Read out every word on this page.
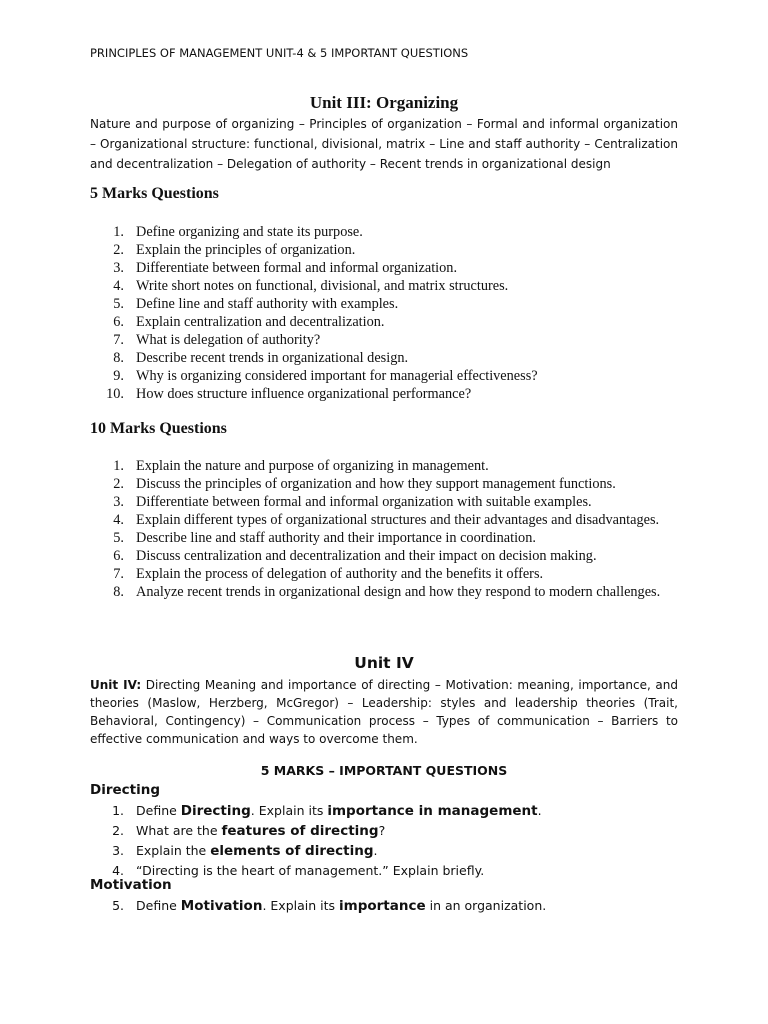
PRINCIPLES OF MANAGEMENT UNIT-4 & 5 IMPORTANT QUESTIONS
Unit III: Organizing
Nature and purpose of organizing – Principles of organization – Formal and informal organization – Organizational structure: functional, divisional, matrix – Line and staff authority – Centralization and decentralization – Delegation of authority – Recent trends in organizational design
5 Marks Questions
1. Define organizing and state its purpose.
2. Explain the principles of organization.
3. Differentiate between formal and informal organization.
4. Write short notes on functional, divisional, and matrix structures.
5. Define line and staff authority with examples.
6. Explain centralization and decentralization.
7. What is delegation of authority?
8. Describe recent trends in organizational design.
9. Why is organizing considered important for managerial effectiveness?
10. How does structure influence organizational performance?
10 Marks Questions
1. Explain the nature and purpose of organizing in management.
2. Discuss the principles of organization and how they support management functions.
3. Differentiate between formal and informal organization with suitable examples.
4. Explain different types of organizational structures and their advantages and disadvantages.
5. Describe line and staff authority and their importance in coordination.
6. Discuss centralization and decentralization and their impact on decision making.
7. Explain the process of delegation of authority and the benefits it offers.
8. Analyze recent trends in organizational design and how they respond to modern challenges.
Unit IV
Unit IV: Directing Meaning and importance of directing – Motivation: meaning, importance, and theories (Maslow, Herzberg, McGregor) – Leadership: styles and leadership theories (Trait, Behavioral, Contingency) – Communication process – Types of communication – Barriers to effective communication and ways to overcome them.
5 MARKS – IMPORTANT QUESTIONS
Directing
1. Define Directing. Explain its importance in management.
2. What are the features of directing?
3. Explain the elements of directing.
4. “Directing is the heart of management.” Explain briefly.
Motivation
5. Define Motivation. Explain its importance in an organization.
